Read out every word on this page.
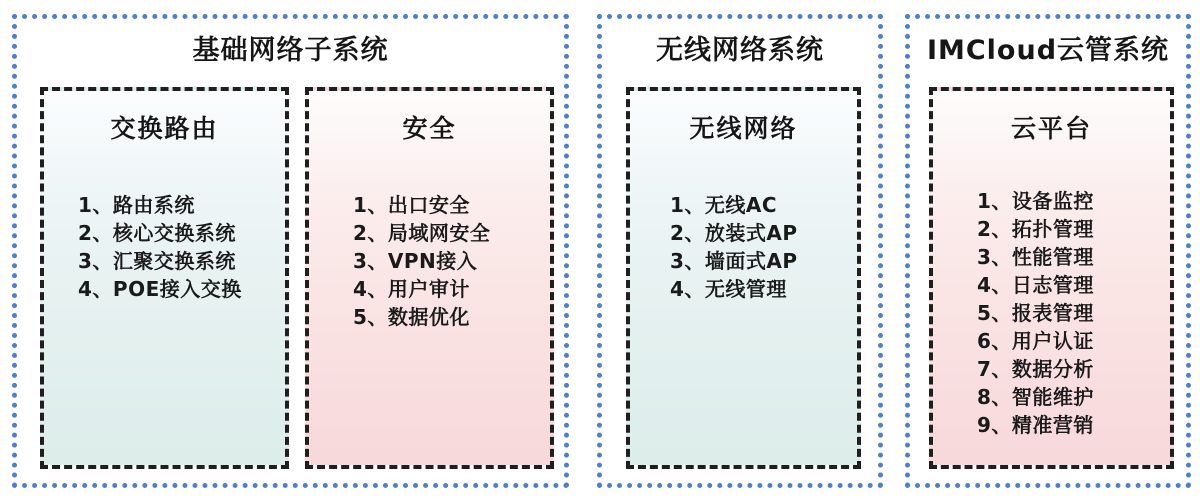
基础网络子系统
交换路由
1、路由系统
2、核心交换系统
3、汇聚交换系统
4、POE接入交换
安全
1、出口安全
2、局域网安全
3、VPN接入
4、用户审计
5、数据优化
无线网络系统
无线网络
1、无线AC
2、放装式AP
3、墙面式AP
4、无线管理
IMCloud云管系统
云平台
1、设备监控
2、拓扑管理
3、性能管理
4、日志管理
5、报表管理
6、用户认证
7、数据分析
8、智能维护
9、精准营销
